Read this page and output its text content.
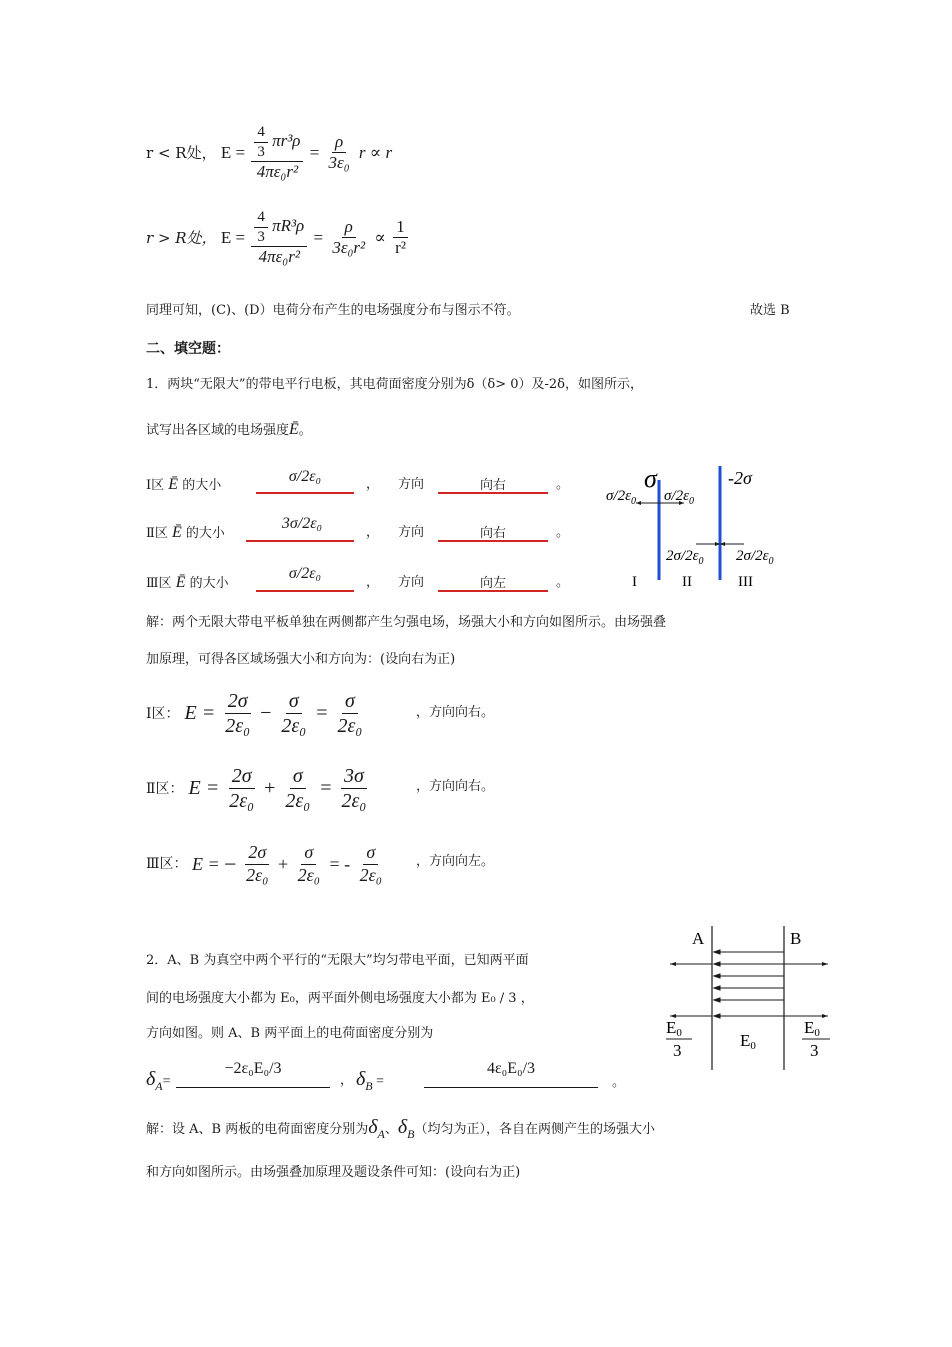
r < R处， $E = \frac{\frac{4}{3} \pi r^3\rho}{\text{4πε₀r²}} = \frac{\rho}{\text{3ε₀}}$ r ∝ r
r > R处， $E = \frac{\frac{4}{3} \pi R^3\rho}{\text{4πε₀r²}} = \frac{\rho}{\text{3ε₀r²}} \propto \frac{1}{\text{r²}}$
同理可知，(C)、(D）电荷分布产生的电场强度分布与图示不符。	故选 B
二、填空题：
1．两块“无限大”的带电平行电板，其电荷面密度分别为δ（δ> 0）及-2δ，如图所示，
试写出各区域的电场强度Ē。
Ⅰ区 Ē 的大小
σ/2ε₀	， 方向	向右	。
Ⅱ区 Ē 的大小
3σ/2ε₀
， 方向	向右	。
Ⅲ区 Ē 的大小
σ/2ε₀
， 方向	向左	。
σ	-2σ
$\sigma/2\varepsilon_0$ $\sigma/2\varepsilon_0$
$2\sigma/2\varepsilon_0$ $2\sigma/2\varepsilon_0$
I	II	III
解：两个无限大带电平板单独在两侧都产生匀强电场，场强大小和方向如图所示。由场强叠
加原理，可得各区域场强大小和方向为：(设向右为正)
Ⅰ区： $E = \frac{2\sigma}{\text{2ε₀}} - \frac{\sigma}{\text{2ε₀}} = \frac{\sigma}{\text{2ε₀}}$	，方向向右。
Ⅱ区： $E = \frac{2\sigma}{\text{2ε₀}} + \frac{\sigma}{\text{2ε₀}} = \frac{3\sigma}{\text{2ε₀}}$	，方向向右。
Ⅲ区： E = − $\frac{2\sigma}{\text{2ε₀}} + \frac{\sigma}{\text{2ε₀}}$ = - $\frac{\sigma}{\text{2ε₀}}$ ，方向向左。
2．A、B 为真空中两个平行的“无限大”均匀带电平面，已知两平面
间的电场强度大小都为 E₀，两平面外侧电场强度大小都为 E₀ / 3 ，
方向如图。则 A、B 两平面上的电荷面密度分别为
$\delta_A=$
−2ε₀E₀/3
， $\delta_B$ =
4ε₀E₀/3
。
A	B
E0
3
E0
E0
3
解：设 A、B 两板的电荷面密度分别为$\delta_A$、$\delta_B$（均匀为正），各自在两侧产生的场强大小
和方向如图所示。由场强叠加原理及题设条件可知：(设向右为正)
